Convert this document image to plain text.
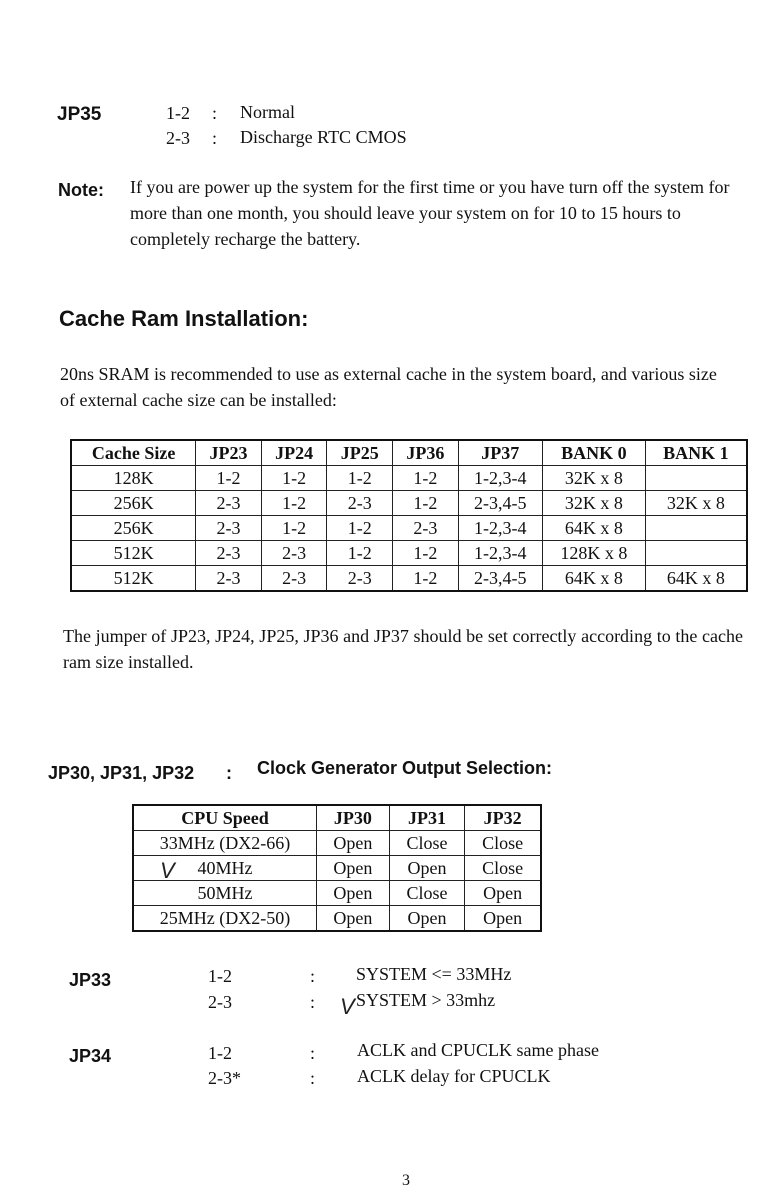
JP35	1-2 : Normal
2-3 : Discharge RTC CMOS
Note: If you are power up the system for the first time or you have turn off the system for more than one month, you should leave your system on for 10 to 15 hours to completely recharge the battery.
Cache Ram Installation:
20ns SRAM is recommended to use as external cache in the system board, and various size of external cache size can be installed:
Cache Size	JP23	JP24	JP25	JP36	JP37	BANK 0	BANK 1
128K	1-2	1-2	1-2	1-2	1-2,3-4	32K x 8	
256K	2-3	1-2	2-3	1-2	2-3,4-5	32K x 8	32K x 8
256K	2-3	1-2	1-2	2-3	1-2,3-4	64K x 8	
512K	2-3	2-3	1-2	1-2	1-2,3-4	128K x 8	
512K	2-3	2-3	2-3	1-2	2-3,4-5	64K x 8	64K x 8
The jumper of JP23, JP24, JP25, JP36 and JP37 should be set correctly according to the cache ram size installed.
JP30, JP31, JP32 : Clock Generator Output Selection:
CPU Speed	JP30	JP31	JP32
33MHz (DX2-66)	Open	Close	Close
40MHz	Open	Open	Close
50MHz	Open	Close	Open
25MHz (DX2-50)	Open	Open	Open
V
JP33	1-2	: SYSTEM <= 33MHz
2-3	: V SYSTEM > 33mhz
JP34	1-2	: ACLK and CPUCLK same phase
2-3*	: ACLK delay for CPUCLK
3
